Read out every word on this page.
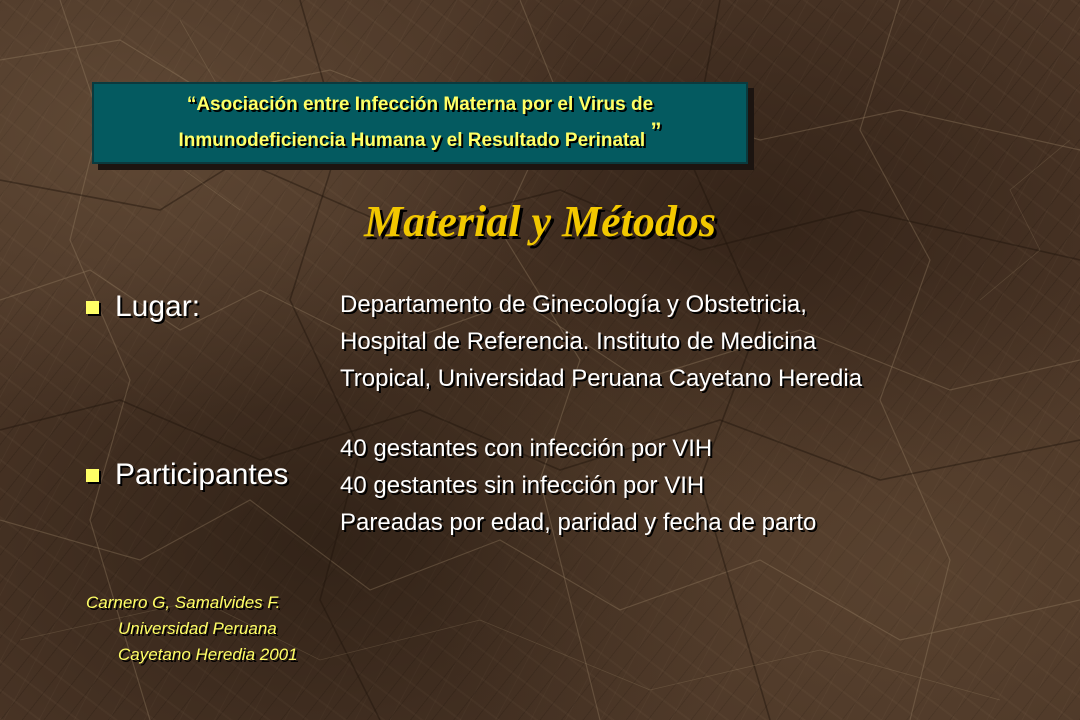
“Asociación entre Infección Materna por el Virus de
Inmunodeficiencia Humana y el Resultado Perinatal ”
Material y Métodos
Lugar:	Departamento de Ginecología y Obstetricia,
Hospital de Referencia. Instituto de Medicina
Tropical, Universidad Peruana Cayetano Heredia
Participantes
40 gestantes con infección por VIH
40 gestantes sin infección por VIH
Pareadas por edad, paridad y fecha de parto
Carnero G, Samalvides F.
Universidad Peruana
Cayetano Heredia 2001
